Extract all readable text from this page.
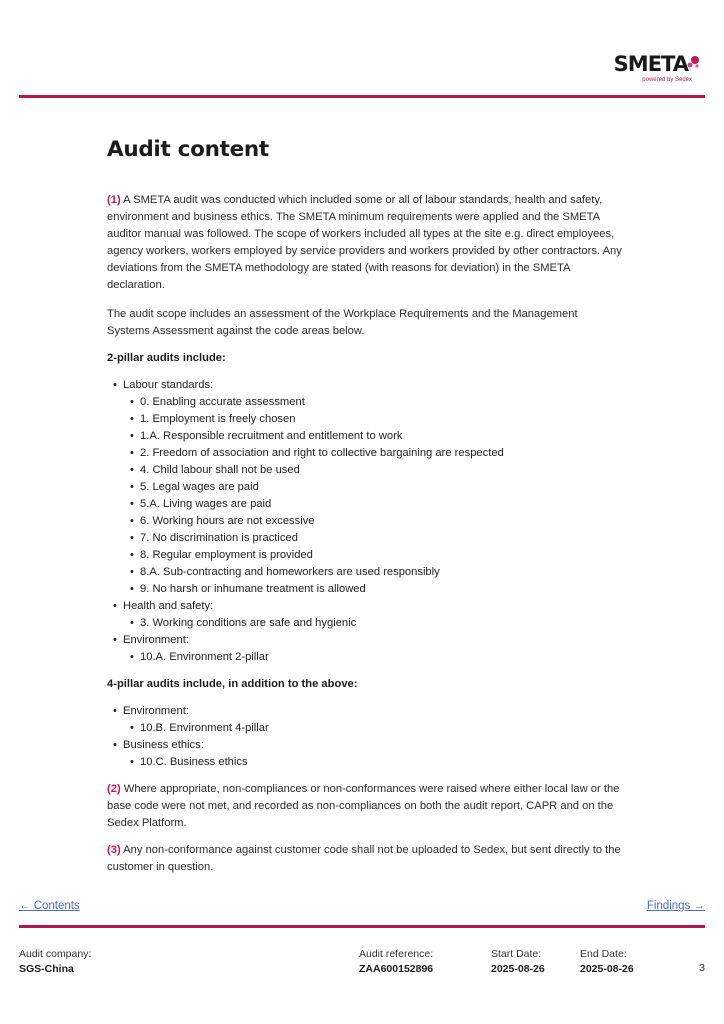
SMETA
powered by Sedex
Audit content

(1) A SMETA audit was conducted which included some or all of labour standards, health and safety, environment and business ethics. The SMETA minimum requirements were applied and the SMETA auditor manual was followed. The scope of workers included all types at the site e.g. direct employees, agency workers, workers employed by service providers and workers provided by other contractors. Any deviations from the SMETA methodology are stated (with reasons for deviation) in the SMETA declaration.

The audit scope includes an assessment of the Workplace Requirements and the Management Systems Assessment against the code areas below.

2-pillar audits include:
• Labour standards:
• 0. Enabling accurate assessment
• 1. Employment is freely chosen
• 1.A. Responsible recruitment and entitlement to work
• 2. Freedom of association and right to collective bargaining are respected
• 4. Child labour shall not be used
• 5. Legal wages are paid
• 5.A. Living wages are paid
• 6. Working hours are not excessive
• 7. No discrimination is practiced
• 8. Regular employment is provided
• 8.A. Sub-contracting and homeworkers are used responsibly
• 9. No harsh or inhumane treatment is allowed
• Health and safety:
• 3. Working conditions are safe and hygienic
• Environment:
• 10.A. Environment 2-pillar
4-pillar audits include, in addition to the above:
• Environment:
• 10.B. Environment 4-pillar
• Business ethics:
• 10.C. Business ethics

(2) Where appropriate, non-compliances or non-conformances were raised where either local law or the base code were not met, and recorded as non-compliances on both the audit report, CAPR and on the Sedex Platform.

(3) Any non-conformance against customer code shall not be uploaded to Sedex, but sent directly to the customer in question.

← Contents	Findings →
Audit company:
SGS-China
Audit reference:
ZAA600152896
Start Date:
2025-08-26
End Date:
2025-08-26	3
